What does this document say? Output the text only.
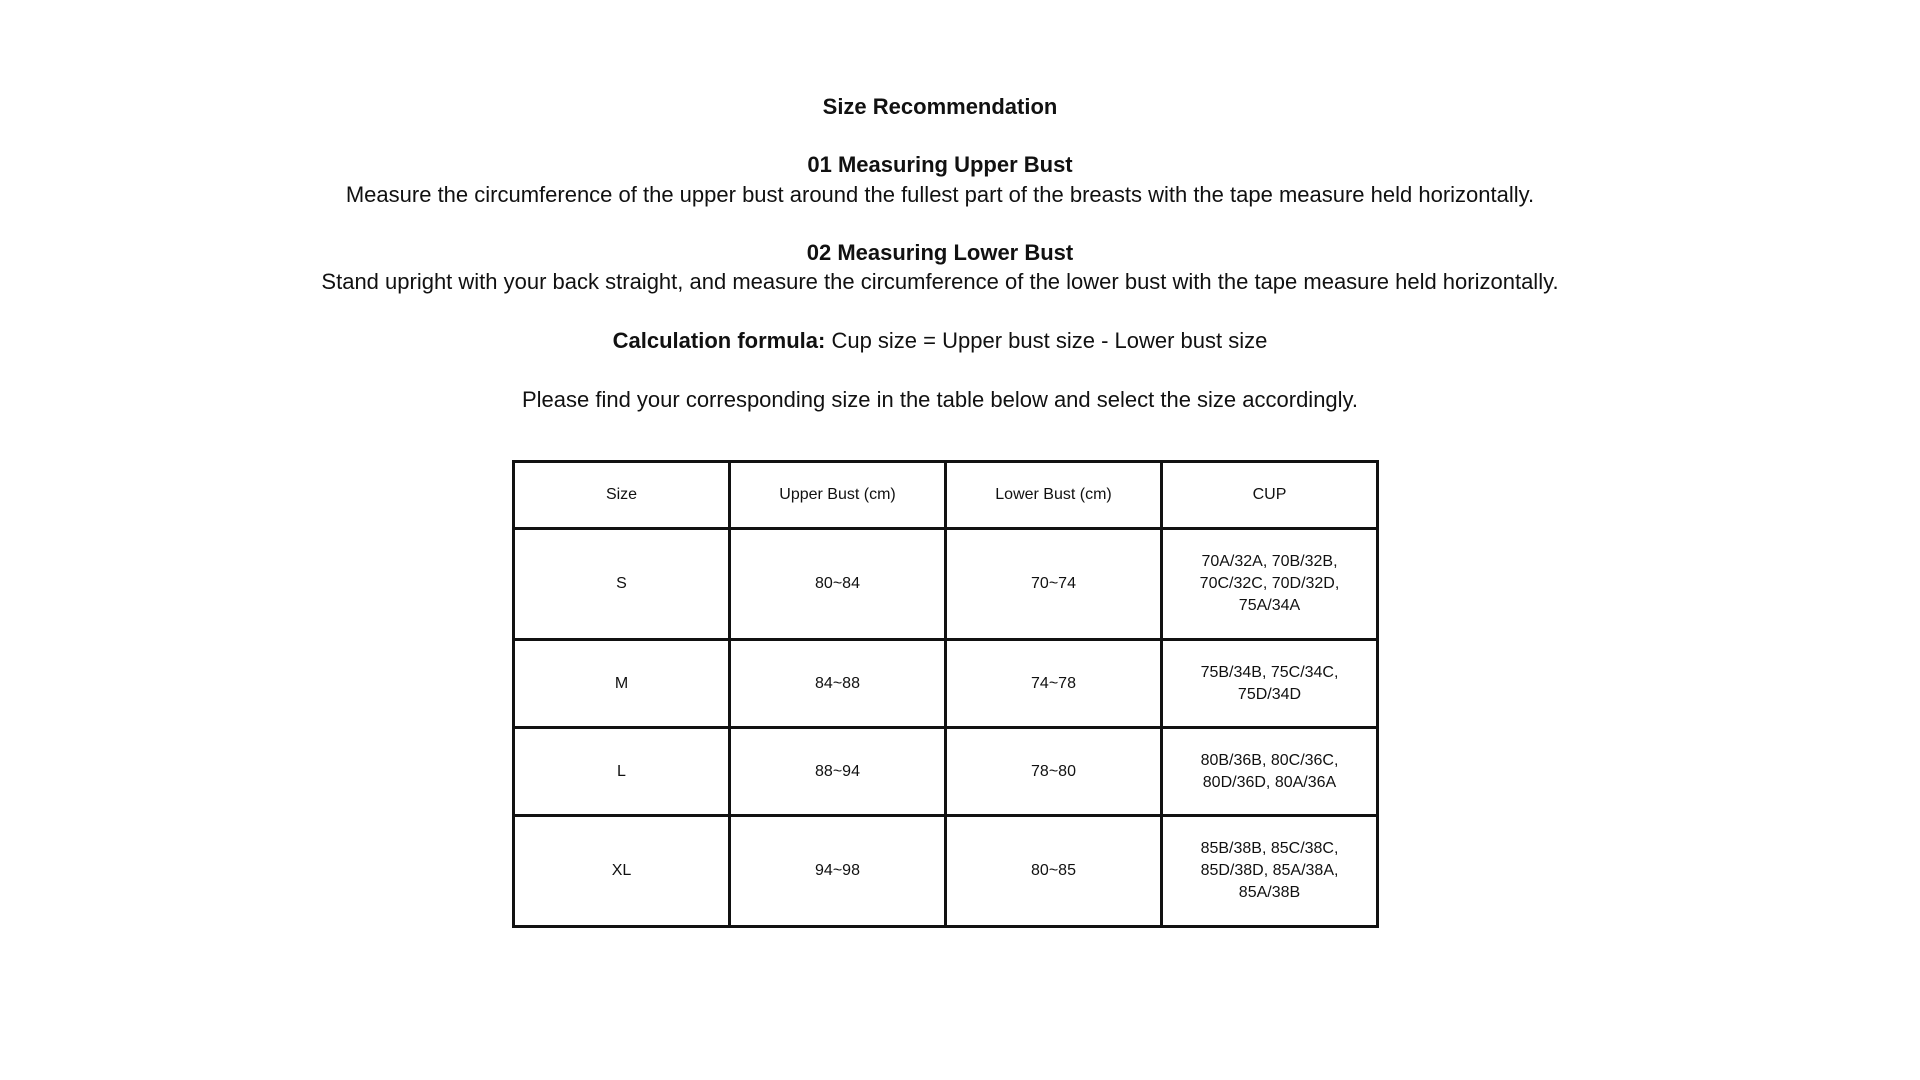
Size Recommendation
01 Measuring Upper Bust
Measure the circumference of the upper bust around the fullest part of the breasts with the tape measure held horizontally.
02 Measuring Lower Bust
Stand upright with your back straight, and measure the circumference of the lower bust with the tape measure held horizontally.
Calculation formula: Cup size = Upper bust size - Lower bust size
Please find your corresponding size in the table below and select the size accordingly.
Size	Upper Bust (cm)	Lower Bust (cm)	CUP
S	80~84	70~74	70A/32A, 70B/32B, 70C/32C, 70D/32D, 75A/34A

M	84~88	74~78	75B/34B, 75C/34C, 75D/34D

L	88~94	78~80	80B/36B, 80C/36C, 80D/36D, 80A/36A

XL	94~98	80~85	85B/38B, 85C/38C, 85D/38D, 85A/38A, 85A/38B
